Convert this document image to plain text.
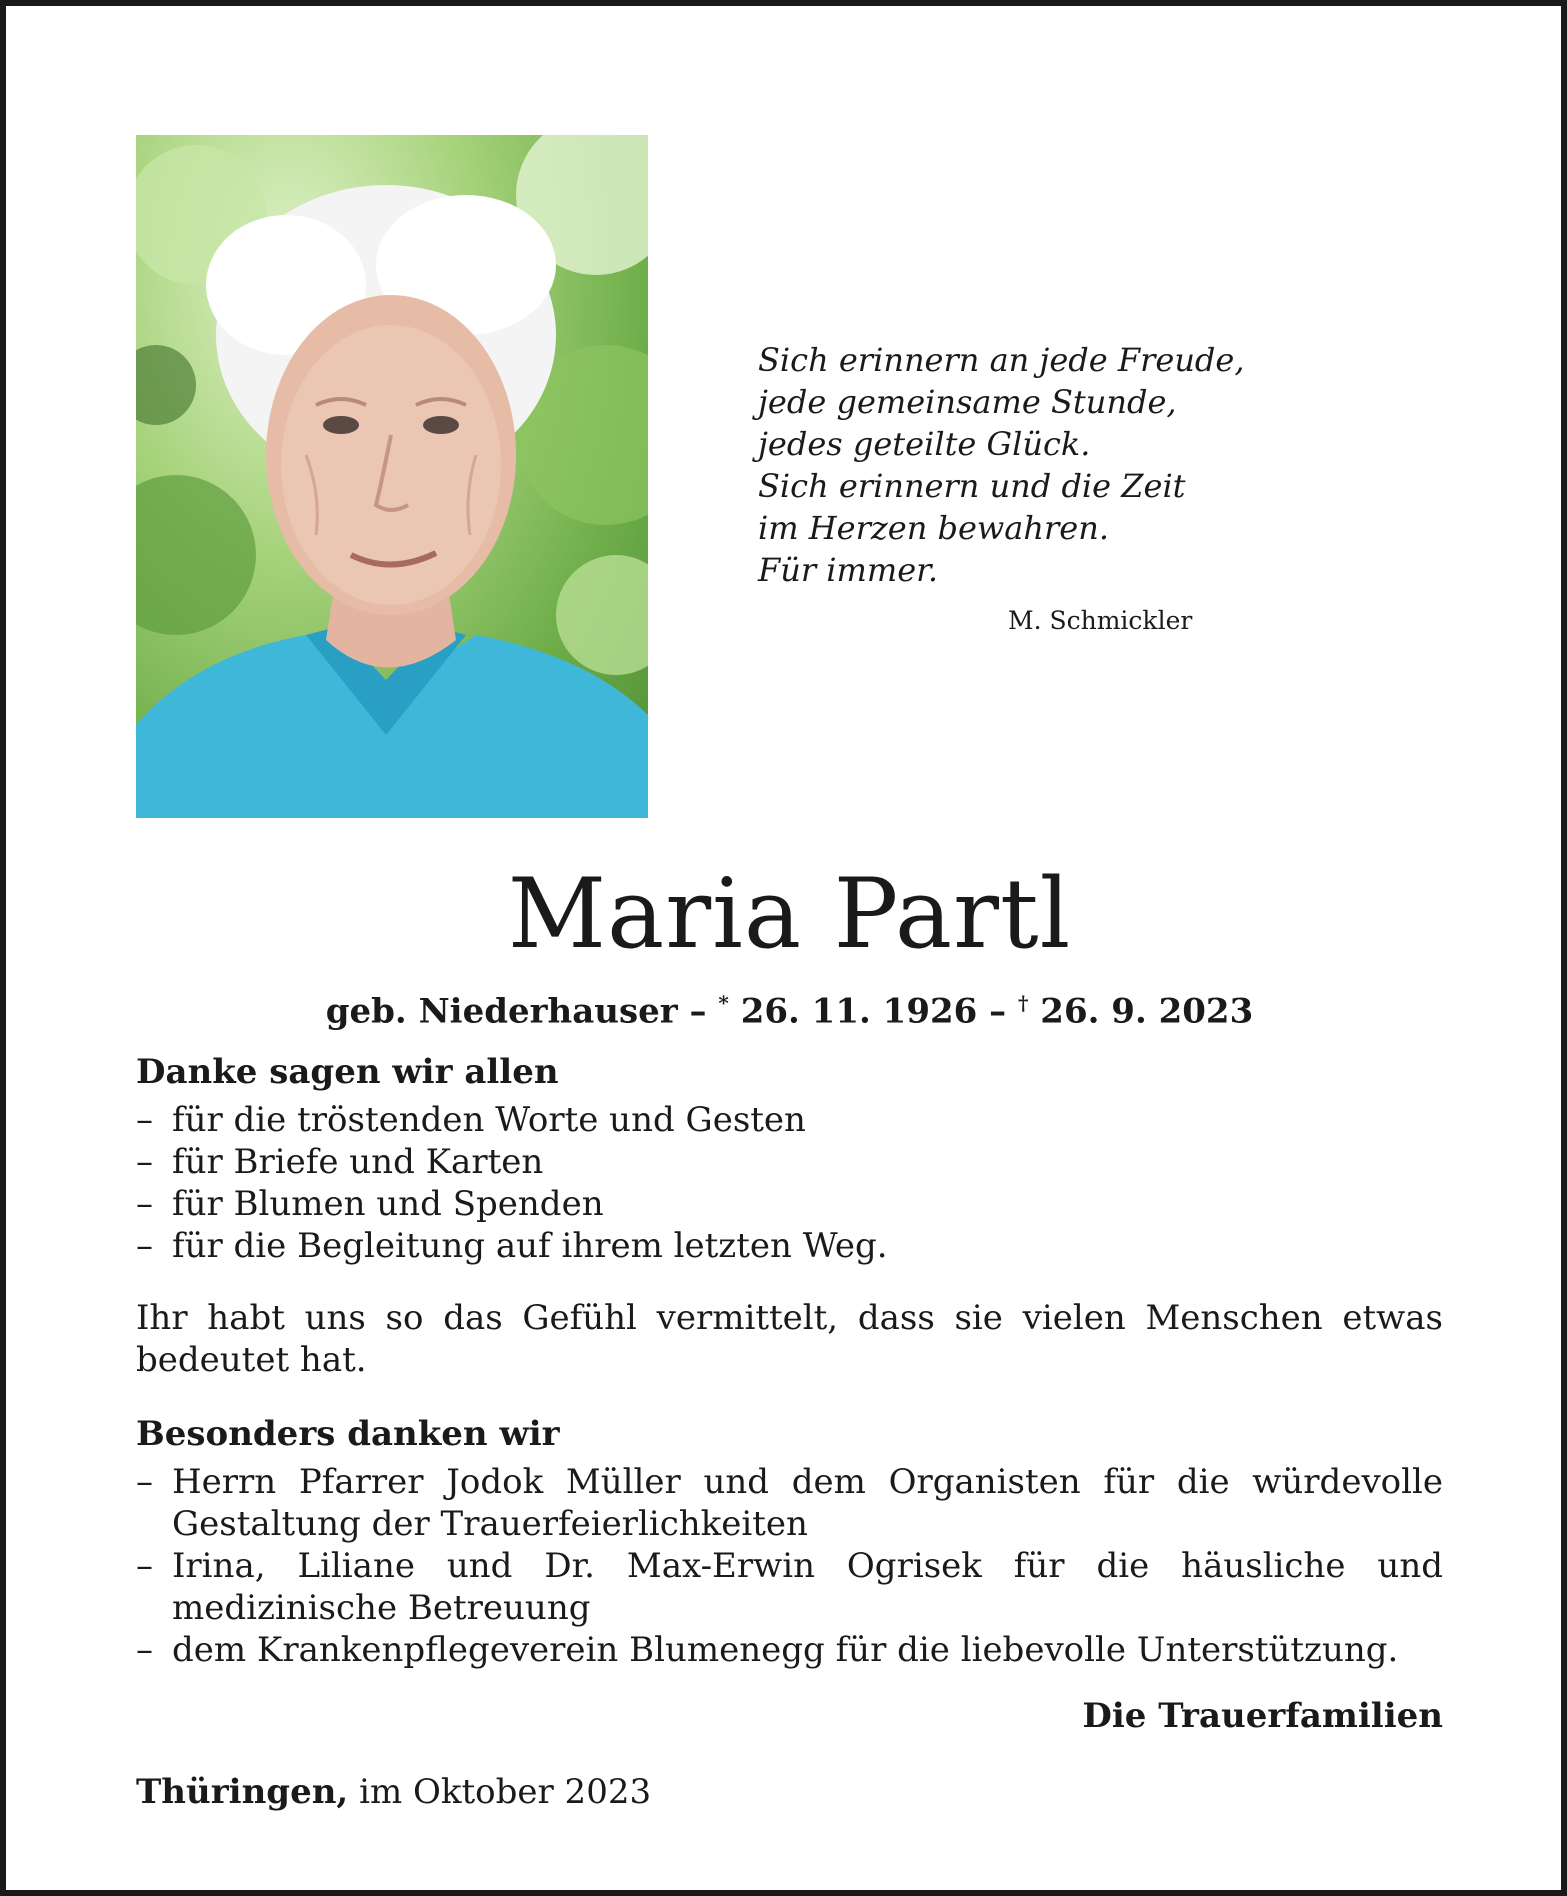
Sich erinnern an jede Freude,
jede gemeinsame Stunde,
jedes geteilte Glück.
Sich erinnern und die Zeit
im Herzen bewahren.
Für immer.
M. Schmickler
Maria Partl
geb. Niederhauser – * 26. 11. 1926 – † 26. 9. 2023

Danke sagen wir allen

– für die tröstenden Worte und Gesten
– für Briefe und Karten
– für Blumen und Spenden
– für die Begleitung auf ihrem letzten Weg.

Ihr habt uns so das Gefühl vermittelt, dass sie vielen Menschen etwas bedeutet hat.

Besonders danken wir

– Herrn Pfarrer Jodok Müller und dem Organisten für die würdevolle Gestaltung der Trauerfeierlichkeiten
– Irina, Liliane und Dr. Max-Erwin Ogrisek für die häusliche und medizinische Betreuung
– dem Krankenpflegeverein Blumenegg für die liebevolle Unterstützung.
Die Trauerfamilien
Thüringen, im Oktober 2023
